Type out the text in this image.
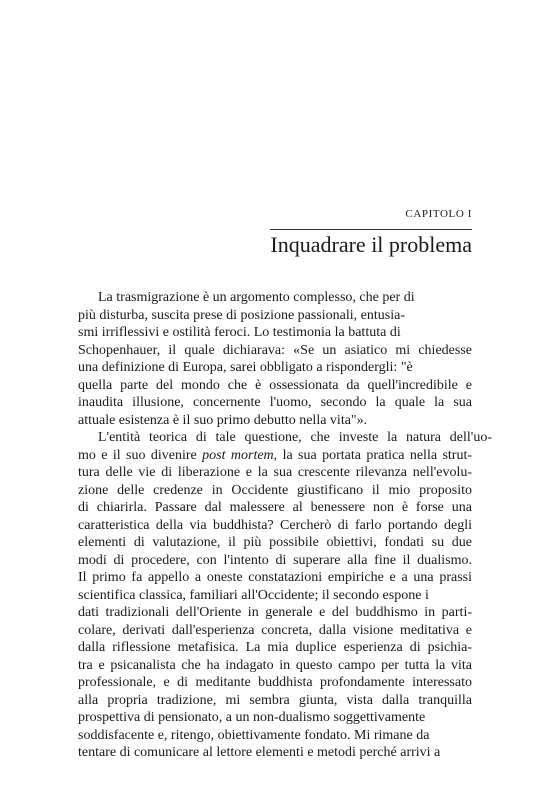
CAPITOLO I
Inquadrare il problema

La trasmigrazione è un argomento complesso, che per di
più disturba, suscita prese di posizione passionali, entusia-
smi irriflessivi e ostilità feroci. Lo testimonia la battuta di
Schopenhauer, il quale dichiarava: «Se un asiatico mi chiedesse
una definizione di Europa, sarei obbligato a rispondergli: "è
quella parte del mondo che è ossessionata da quell'incredibile e
inaudita illusione, concernente l'uomo, secondo la quale la sua
attuale esistenza è il suo primo debutto nella vita"».

L'entità teorica di tale questione, che investe la natura dell'uo-
mo e il suo divenire post mortem, la sua portata pratica nella strut-
tura delle vie di liberazione e la sua crescente rilevanza nell'evolu-
zione delle credenze in Occidente giustificano il mio proposito
di chiarirla. Passare dal malessere al benessere non è forse una
caratteristica della via buddhista? Cercherò di farlo portando degli
elementi di valutazione, il più possibile obiettivi, fondati su due
modi di procedere, con l'intento di superare alla fine il dualismo.
Il primo fa appello a oneste constatazioni empiriche e a una prassi
scientifica classica, familiari all'Occidente; il secondo espone i
dati tradizionali dell'Oriente in generale e del buddhismo in parti-
colare, derivati dall'esperienza concreta, dalla visione meditativa e
dalla riflessione metafisica. La mia duplice esperienza di psichia-
tra e psicanalista che ha indagato in questo campo per tutta la vita
professionale, e di meditante buddhista profondamente interessato
alla propria tradizione, mi sembra giunta, vista dalla tranquilla
prospettiva di pensionato, a un non-dualismo soggettivamente
soddisfacente e, ritengo, obiettivamente fondato. Mi rimane da
tentare di comunicare al lettore elementi e metodi perché arrivi a
